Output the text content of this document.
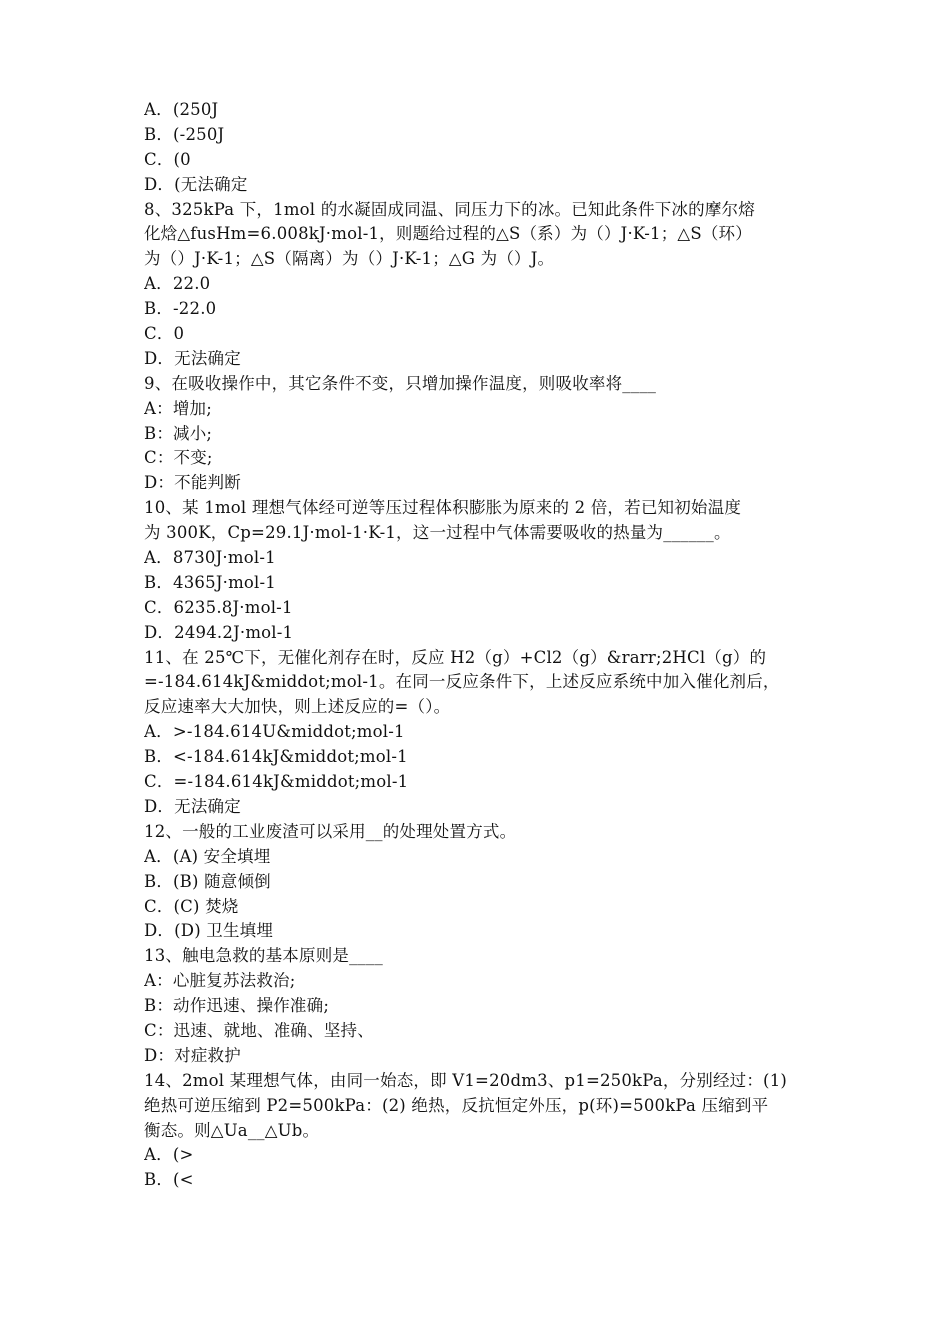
A．(250J
B．(-250J
C．(0
D．(无法确定
8、325kPa 下，1mol 的水凝固成同温、同压力下的冰。已知此条件下冰的摩尔熔
化焓△fusHm=6.008kJ·mol-1，则题给过程的△S（系）为（）J·K-1；△S（环）
为（）J·K-1；△S（隔离）为（）J·K-1；△G 为（）J。
A．22.0
B．-22.0
C．0
D．无法确定
9、在吸收操作中，其它条件不变，只增加操作温度，则吸收率将____
A：增加;
B：减小;
C：不变;
D：不能判断
10、某 1mol 理想气体经可逆等压过程体积膨胀为原来的 2 倍，若已知初始温度
为 300K，Cp=29.1J·mol-1·K-1，这一过程中气体需要吸收的热量为______。
A．8730J·mol-1
B．4365J·mol-1
C．6235.8J·mol-1
D．2494.2J·mol-1
11、在 25℃下，无催化剂存在时，反应 H2（g）+Cl2（g）&rarr;2HCl（g）的
=-184.614kJ&middot;mol-1。在同一反应条件下，上述反应系统中加入催化剂后，
反应速率大大加快，则上述反应的=（）。
A．>-184.614U&middot;mol-1
B．<-184.614kJ&middot;mol-1
C．=-184.614kJ&middot;mol-1
D．无法确定
12、一般的工业废渣可以采用__的处理处置方式。
A．(A) 安全填埋
B．(B) 随意倾倒
C．(C) 焚烧
D．(D) 卫生填埋
13、触电急救的基本原则是____
A：心脏复苏法救治;
B：动作迅速、操作准确;
C：迅速、就地、准确、坚持、
D：对症救护
14、2mol 某理想气体，由同一始态，即 V1=20dm3、p1=250kPa，分别经过：(1)
绝热可逆压缩到 P2=500kPa：(2) 绝热，反抗恒定外压，p(环)=500kPa 压缩到平
衡态。则△Ua__△Ub。
A．(>
B．(<
